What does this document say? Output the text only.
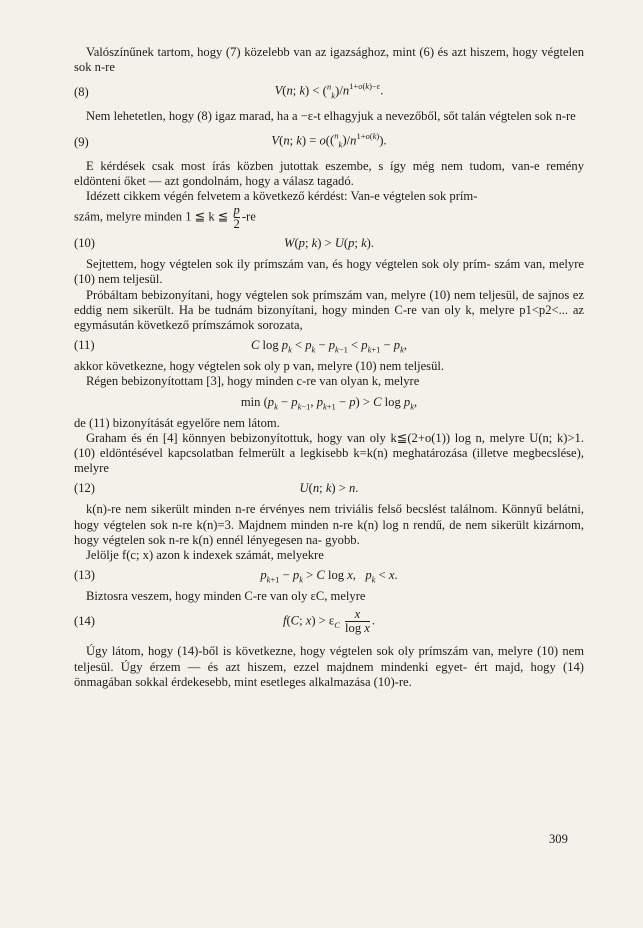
Valószínűnek tartom, hogy (7) közelebb van az igazsághoz, mint (6) és azt hiszem, hogy végtelen sok n-re

(8)	V(n; $k) < (^n_k)/n^{1+o(k)-\varepsilon}$.

Nem lehetetlen, hogy (8) igaz marad, ha a −ε-t elhagyjuk a nevezőből, sőt talán végtelen sok n-re

(9)	V(n; $k) = o((^n_k)/n^{1+o(k)})$.

E kérdések csak most írás közben jutottak eszembe, s így még nem tudom, van-e remény eldönteni őket — azt gondolnám, hogy a válasz tagadó.

Idézett cikkem végén felvetem a következő kérdést: Van-e végtelen sok prím-

szám, melyre minden 1 ≦ k ≦ $\frac{p}{2} -re$

(10)	W(p; k) > U(p; k).

Sejtettem, hogy végtelen sok ily prímszám van, és hogy végtelen sok oly prím- szám van, melyre (10) nem teljesül.

Próbáltam bebizonyítani, hogy végtelen sok prímszám van, melyre (10) nem teljesül, de sajnos ez eddig nem sikerült. Ha be tudnám bizonyítani, hogy minden C-re van oly k, melyre p1<p2<... az egymásután következő prímszámok sorozata,

(11)	C $\log p_k < p_k - p_{k-1} < p_{k+1} - p_k$,

akkor következne, hogy végtelen sok oly p van, melyre (10) nem teljesül.

Régen bebizonyítottam [3], hogy minden c-re van olyan k, melyre

$\min (p_k - p_{k-1}$, $p_{k+1} - p) > C$ $\log p_k$,

de (11) bizonyítását egyelőre nem látom.

Graham és én [4] könnyen bebizonyítottuk, hogy van oly k≦(2+o(1)) log n, melyre U(n; k)>1. (10) eldöntésével kapcsolatban felmerült a legkisebb k=k(n) meghatározása (illetve megbecslése), melyre

(12)	U(n; k) > n.

k(n)-re nem sikerült minden n-re érvényes nem triviális felső becslést találnom. Könnyű belátni, hogy végtelen sok n-re k(n)=3. Majdnem minden n-re k(n) log n rendű, de nem sikerült kizárnom, hogy végtelen sok n-re k(n) ennél lényegesen na- gyobb.

Jelölje f(c; x) azon k indexek számát, melyekre

(13)	$p_{k+1} - p_k > C$ log x,   $p_k < x$.

Biztosra veszem, hogy minden C-re van oly εC, melyre

(14)	f(C; $x) > \varepsilon_C \frac{x}{\text{log x}}$ .

Úgy látom, hogy (14)-ből is következne, hogy végtelen sok oly prímszám van, melyre (10) nem teljesül. Úgy érzem — és azt hiszem, ezzel majdnem mindenki egyet- ért majd, hogy (14) önmagában sokkal érdekesebb, mint esetleges alkalmazása (10)-re.

309
